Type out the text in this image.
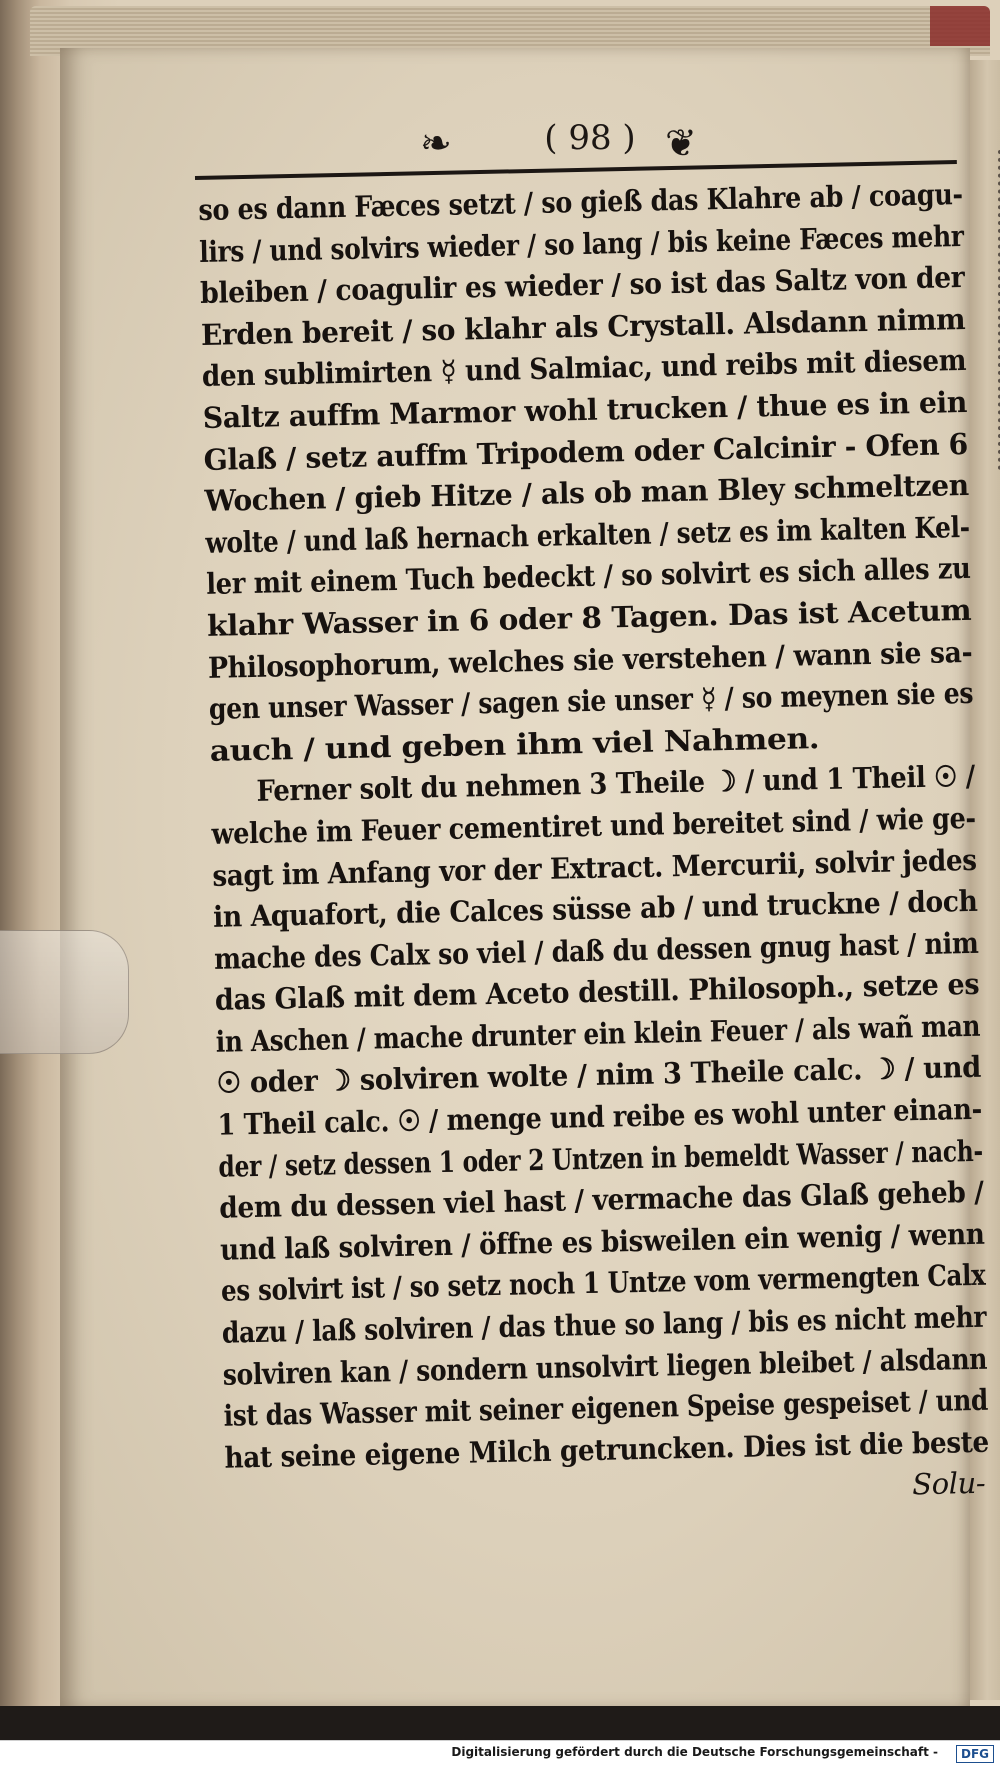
❧	( 98 ) ❦
so es dann Fæces setzt / so gieß das Klahre ab / coagu-
lirs / und solvirs wieder / so lang / bis keine Fæces mehr
bleiben / coagulir es wieder / so ist das Saltz von der
Erden bereit / so klahr als Crystall. Alsdann nimm
den sublimirten ☿ und Salmiac, und reibs mit diesem
Saltz auffm Marmor wohl trucken / thue es in ein
Glaß / setz auffm Tripodem oder Calcinir - Ofen 6
Wochen / gieb Hitze / als ob man Bley schmeltzen
wolte / und laß hernach erkalten / setz es im kalten Kel-
ler mit einem Tuch bedeckt / so solvirt es sich alles zu
klahr Wasser in 6 oder 8 Tagen. Das ist Acetum
Philosophorum, welches sie verstehen / wann sie sa-
gen unser Wasser / sagen sie unser ☿ / so meynen sie es
auch / und geben ihm viel Nahmen.
Ferner solt du nehmen 3 Theile ☽ / und 1 Theil ☉ /
welche im Feuer cementiret und bereitet sind / wie ge-
sagt im Anfang vor der Extract. Mercurii, solvir jedes
in Aquafort, die Calces süsse ab / und truckne / doch
mache des Calx so viel / daß du dessen gnug hast / nim
das Glaß mit dem Aceto destill. Philosoph., setze es
in Aschen / mache drunter ein klein Feuer / als wañ man
☉ oder ☽ solviren wolte / nim 3 Theile calc. ☽ / und
1 Theil calc. ☉ / menge und reibe es wohl unter einan-
der / setz dessen 1 oder 2 Untzen in bemeldt Wasser / nach-
dem du dessen viel hast / vermache das Glaß geheb /
und laß solviren / öffne es bisweilen ein wenig / wenn
es solvirt ist / so setz noch 1 Untze vom vermengten Calx
dazu / laß solviren / das thue so lang / bis es nicht mehr
solviren kan / sondern unsolvirt liegen bleibet / alsdann
ist das Wasser mit seiner eigenen Speise gespeiset / und
hat seine eigene Milch getruncken. Dies ist die beste
Solu-
Digitalisierung gefördert durch die Deutsche Forschungsgemeinschaft -	DFG
